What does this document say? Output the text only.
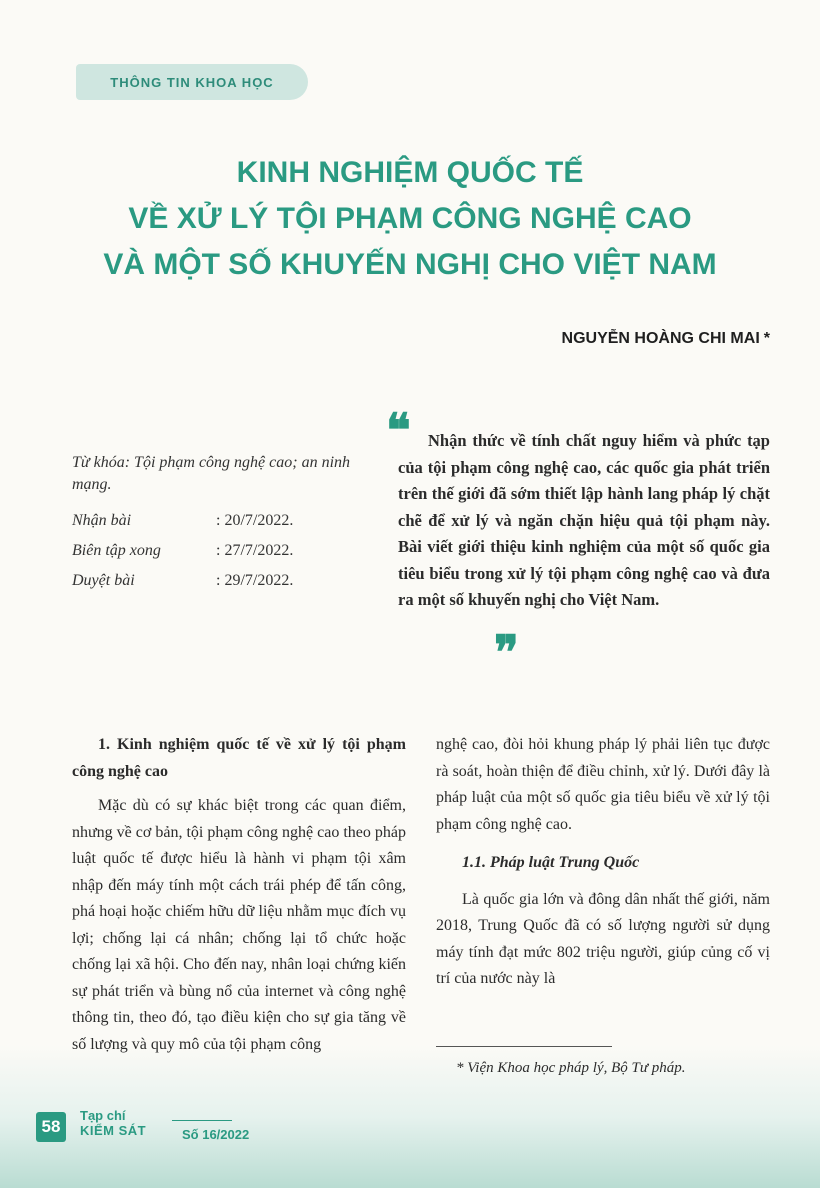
THÔNG TIN KHOA HỌC
KINH NGHIỆM QUỐC TẾ
VỀ XỬ LÝ TỘI PHẠM CÔNG NGHỆ CAO
VÀ MỘT SỐ KHUYẾN NGHỊ CHO VIỆT NAM
NGUYỄN HOÀNG CHI MAI *

Từ khóa: Tội phạm công nghệ cao; an ninh mạng.

Nhận bài	: 20/7/2022.
Biên tập xong	: 27/7/2022.
Duyệt bài	: 29/7/2022.
❝	Nhận thức về tính chất nguy hiểm và phức tạp của tội phạm công nghệ cao, các quốc gia phát triển trên thế giới đã sớm thiết lập hành lang pháp lý chặt chẽ để xử lý và ngăn chặn hiệu quả tội phạm này. Bài viết giới thiệu kinh nghiệm của một số quốc gia tiêu biểu trong xử lý tội phạm công nghệ cao và đưa ra một số khuyến nghị cho Việt Nam.

❞

1. Kinh nghiệm quốc tế về xử lý tội phạm công nghệ cao

Mặc dù có sự khác biệt trong các quan điểm, nhưng về cơ bản, tội phạm công nghệ cao theo pháp luật quốc tế được hiểu là hành vi phạm tội xâm nhập đến máy tính một cách trái phép để tấn công, phá hoại hoặc chiếm hữu dữ liệu nhằm mục đích vụ lợi; chống lại cá nhân; chống lại tổ chức hoặc chống lại xã hội. Cho đến nay, nhân loại chứng kiến sự phát triển và bùng nổ của internet và công nghệ thông tin, theo đó, tạo điều kiện cho sự gia tăng về số lượng và quy mô của tội phạm công

nghệ cao, đòi hỏi khung pháp lý phải liên tục được rà soát, hoàn thiện để điều chỉnh, xử lý. Dưới đây là pháp luật của một số quốc gia tiêu biểu về xử lý tội phạm công nghệ cao.

1.1. Pháp luật Trung Quốc

Là quốc gia lớn và đông dân nhất thế giới, năm 2018, Trung Quốc đã có số lượng người sử dụng máy tính đạt mức 802 triệu người, giúp củng cố vị trí của nước này là

* Viện Khoa học pháp lý, Bộ Tư pháp.
58
Tạp chí
KIỂM SÁT	Số 16/2022
